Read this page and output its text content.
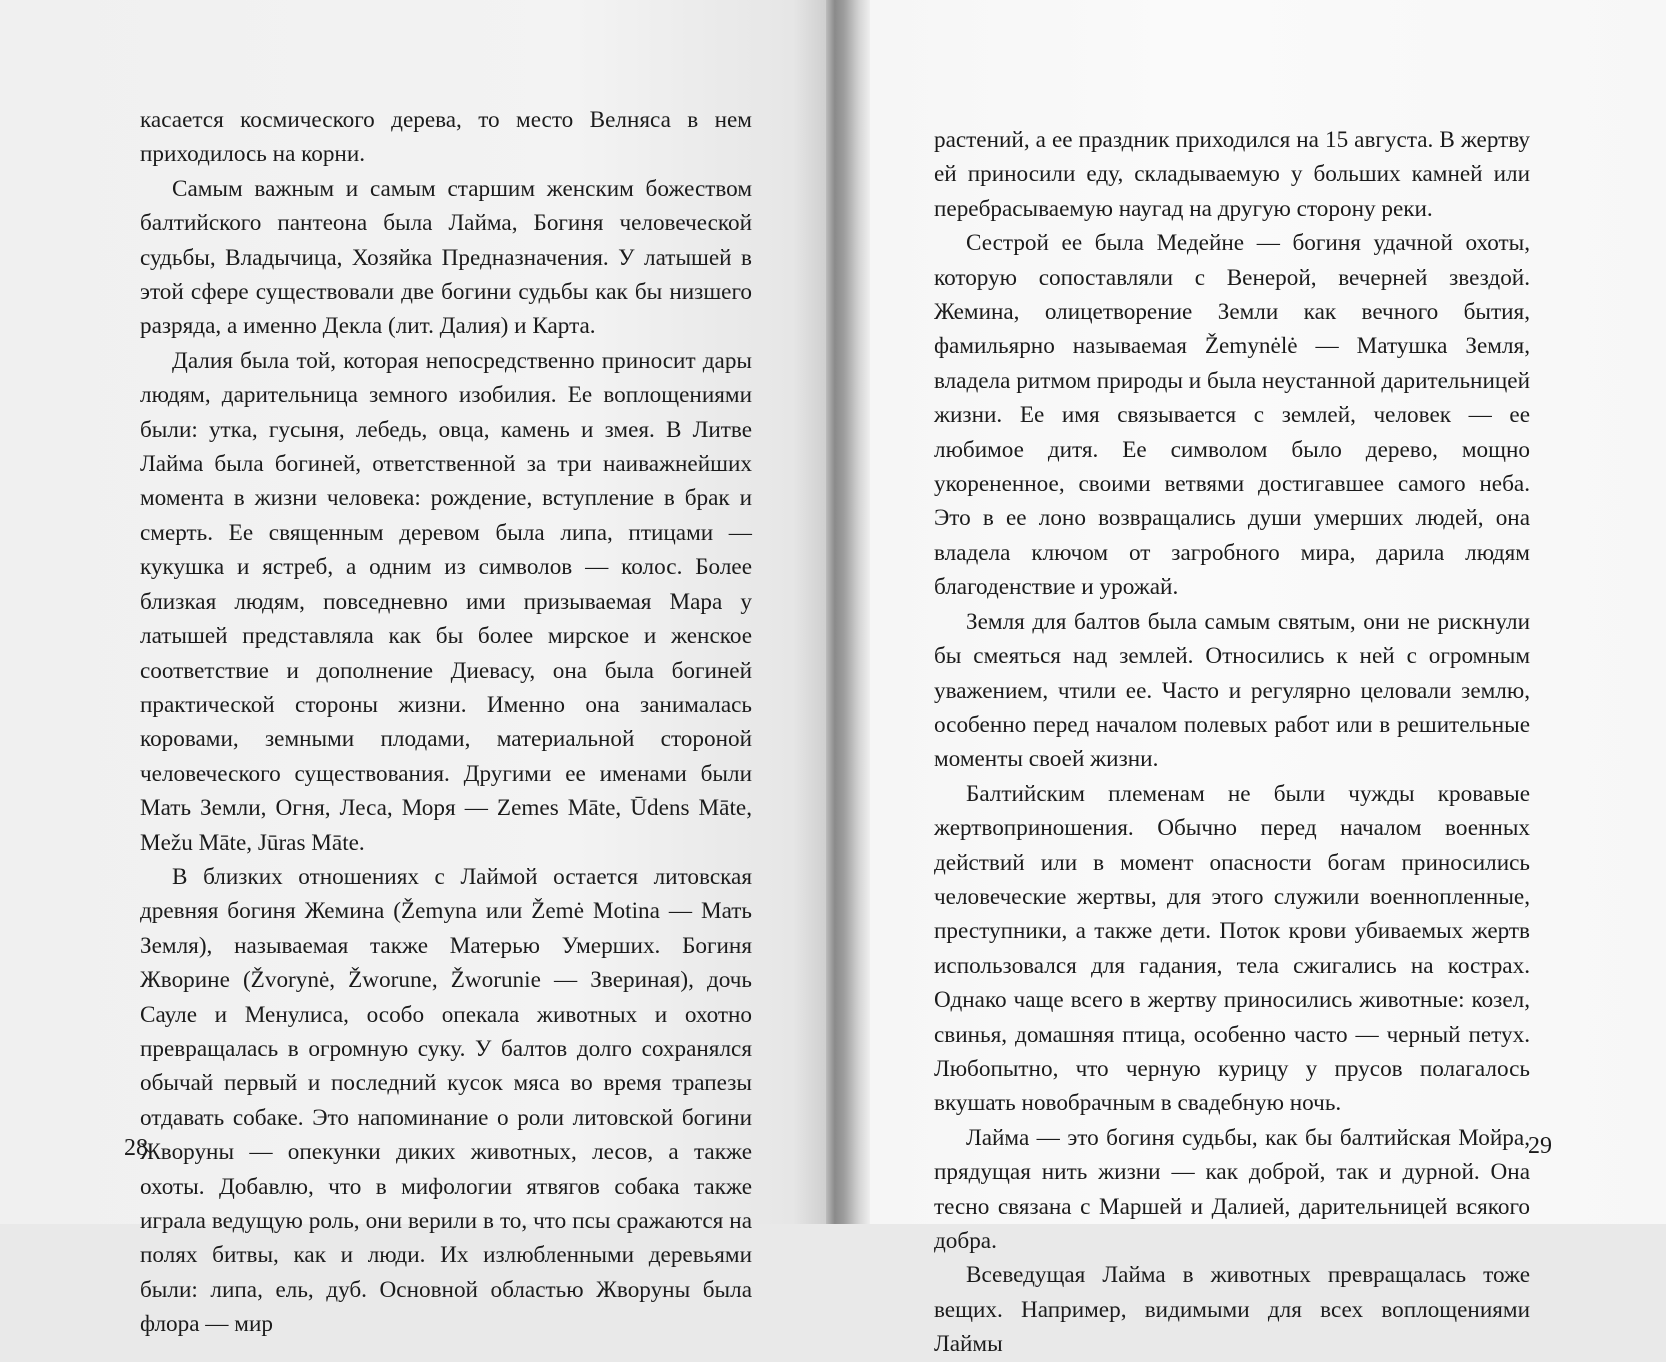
касается космического дерева, то место Велняса в нем приходилось на корни.

Самым важным и самым старшим женским божеством балтийского пантеона была Лайма, Богиня человеческой судьбы, Владычица, Хозяйка Предназначения. У латышей в этой сфере существовали две богини судьбы как бы низшего разряда, а именно Декла (лит. Далия) и Карта.

Далия была той, которая непосредственно приносит дары людям, дарительница земного изобилия. Ее воплощениями были: утка, гусыня, лебедь, овца, камень и змея. В Литве Лайма была богиней, ответственной за три наиважнейших момента в жизни человека: рождение, вступление в брак и смерть. Ее священным деревом была липа, птицами — кукушка и ястреб, а одним из символов — колос. Более близкая людям, повседневно ими призываемая Мара у латышей представляла как бы более мирское и женское соответствие и дополнение Диевасу, она была богиней практической стороны жизни. Именно она занималась коровами, земными плодами, материальной стороной человеческого существования. Другими ее именами были Мать Земли, Огня, Леса, Моря — Zemes Māte, Ūdens Māte, Mežu Māte, Jūras Māte.

В близких отношениях с Лаймой остается литовская древняя богиня Жемина (Žemyna или Žemė Motina — Мать Земля), называемая также Матерью Умерших. Богиня Жворине (Žvorynė, Žworune, Žworunie — Звериная), дочь Сауле и Менулиса, особо опекала животных и охотно превращалась в огромную суку. У балтов долго сохранялся обычай первый и последний кусок мяса во время трапезы отдавать собаке. Это напоминание о роли литовской богини Жворуны — опекунки диких животных, лесов, а также охоты. Добавлю, что в мифологии ятвягов собака также играла ведущую роль, они верили в то, что псы сражаются на полях битвы, как и люди. Их излюбленными деревьями были: липа, ель, дуб. Основной областью Жворуны была флора — мир

28

растений, а ее праздник приходился на 15 августа. В жертву ей приносили еду, складываемую у больших камней или перебрасываемую наугад на другую сторону реки.

Сестрой ее была Медейне — богиня удачной охоты, которую сопоставляли с Венерой, вечерней звездой. Жемина, олицетворение Земли как вечного бытия, фамильярно называемая Žemynėlė — Матушка Земля, владела ритмом природы и была неустанной дарительницей жизни. Ее имя связывается с землей, человек — ее любимое дитя. Ее символом было дерево, мощно укорененное, своими ветвями достигавшее самого неба. Это в ее лоно возвращались души умерших людей, она владела ключом от загробного мира, дарила людям благоденствие и урожай.

Земля для балтов была самым святым, они не рискнули бы смеяться над землей. Относились к ней с огромным уважением, чтили ее. Часто и регулярно целовали землю, особенно перед началом полевых работ или в решительные моменты своей жизни.

Балтийским племенам не были чужды кровавые жертвоприношения. Обычно перед началом военных действий или в момент опасности богам приносились человеческие жертвы, для этого служили военнопленные, преступники, а также дети. Поток крови убиваемых жертв использовался для гадания, тела сжигались на кострах. Однако чаще всего в жертву приносились животные: козел, свинья, домашняя птица, особенно часто — черный петух. Любопытно, что черную курицу у прусов полагалось вкушать новобрачным в свадебную ночь.

Лайма — это богиня судьбы, как бы балтийская Мойра, прядущая нить жизни — как доброй, так и дурной. Она тесно связана с Маршей и Далией, дарительницей всякого добра.

Всеведущая Лайма в животных превращалась тоже вещих. Например, видимыми для всех воплощениями Лаймы

29
